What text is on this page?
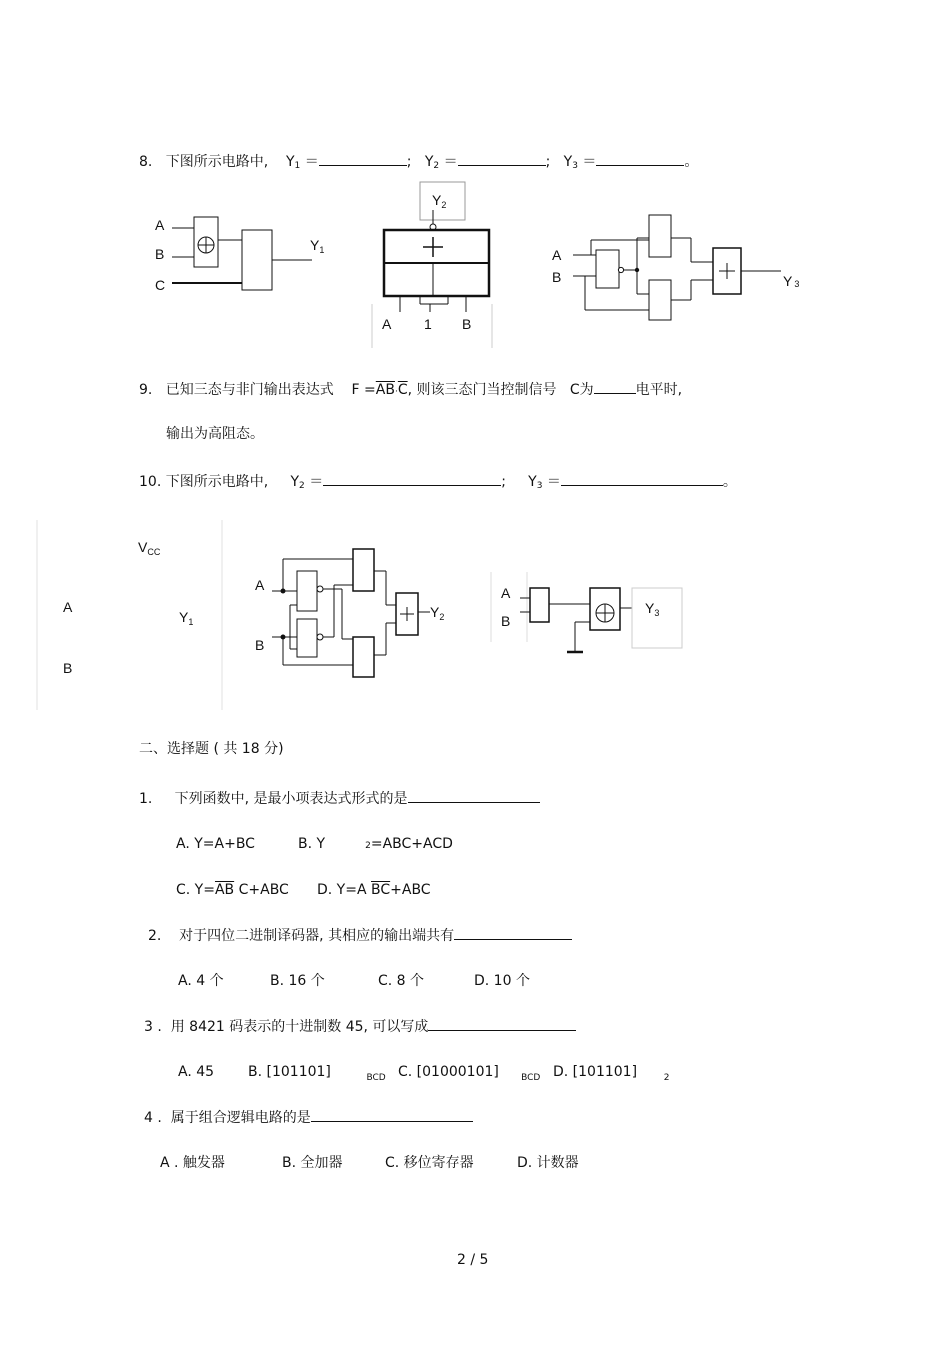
8. 下图所示电路中, Y1 ＝	; Y2 ＝	; Y3 ＝	。
A
B
C
$Y_1$
$Y_2$
A 1 B
A
B	Y 3
9. 已知三态与非门输出表达式 $F =\overline{AB}\cdot\overline{C}$, 则该三态门当控制信号 C为	电平时,
输出为高阻态。
10. 下图所示电路中, Y2 ＝	; Y3 ＝	。
$V_{CC}$
A
$Y_1$
B
A
B
$Y_2$
A
B
$Y_3$
二、选择题 ( 共 18 分)
1. 下列函数中, 是最小项表达式形式的是
A. Y=A+BC	B. Y	2=ABC+ACD
C. $Y=\overline{AB}$ C+ABC D. Y=A $\overline{BC}+ABC$
2. 对于四位二进制译码器, 其相应的输出端共有
A. 4 个	B. 16 个	C. 8 个	D. 10 个
3 . 用 8421 码表示的十进制数 45, 可以写成
A. 45 B. [101101]	$_{BCD}$ C. [01000101] $_{BCD}$ D. [101101]	$_2$
4 . 属于组合逻辑电路的是
A . 触发器	B. 全加器	C. 移位寄存器	D. 计数器
2 / 5
